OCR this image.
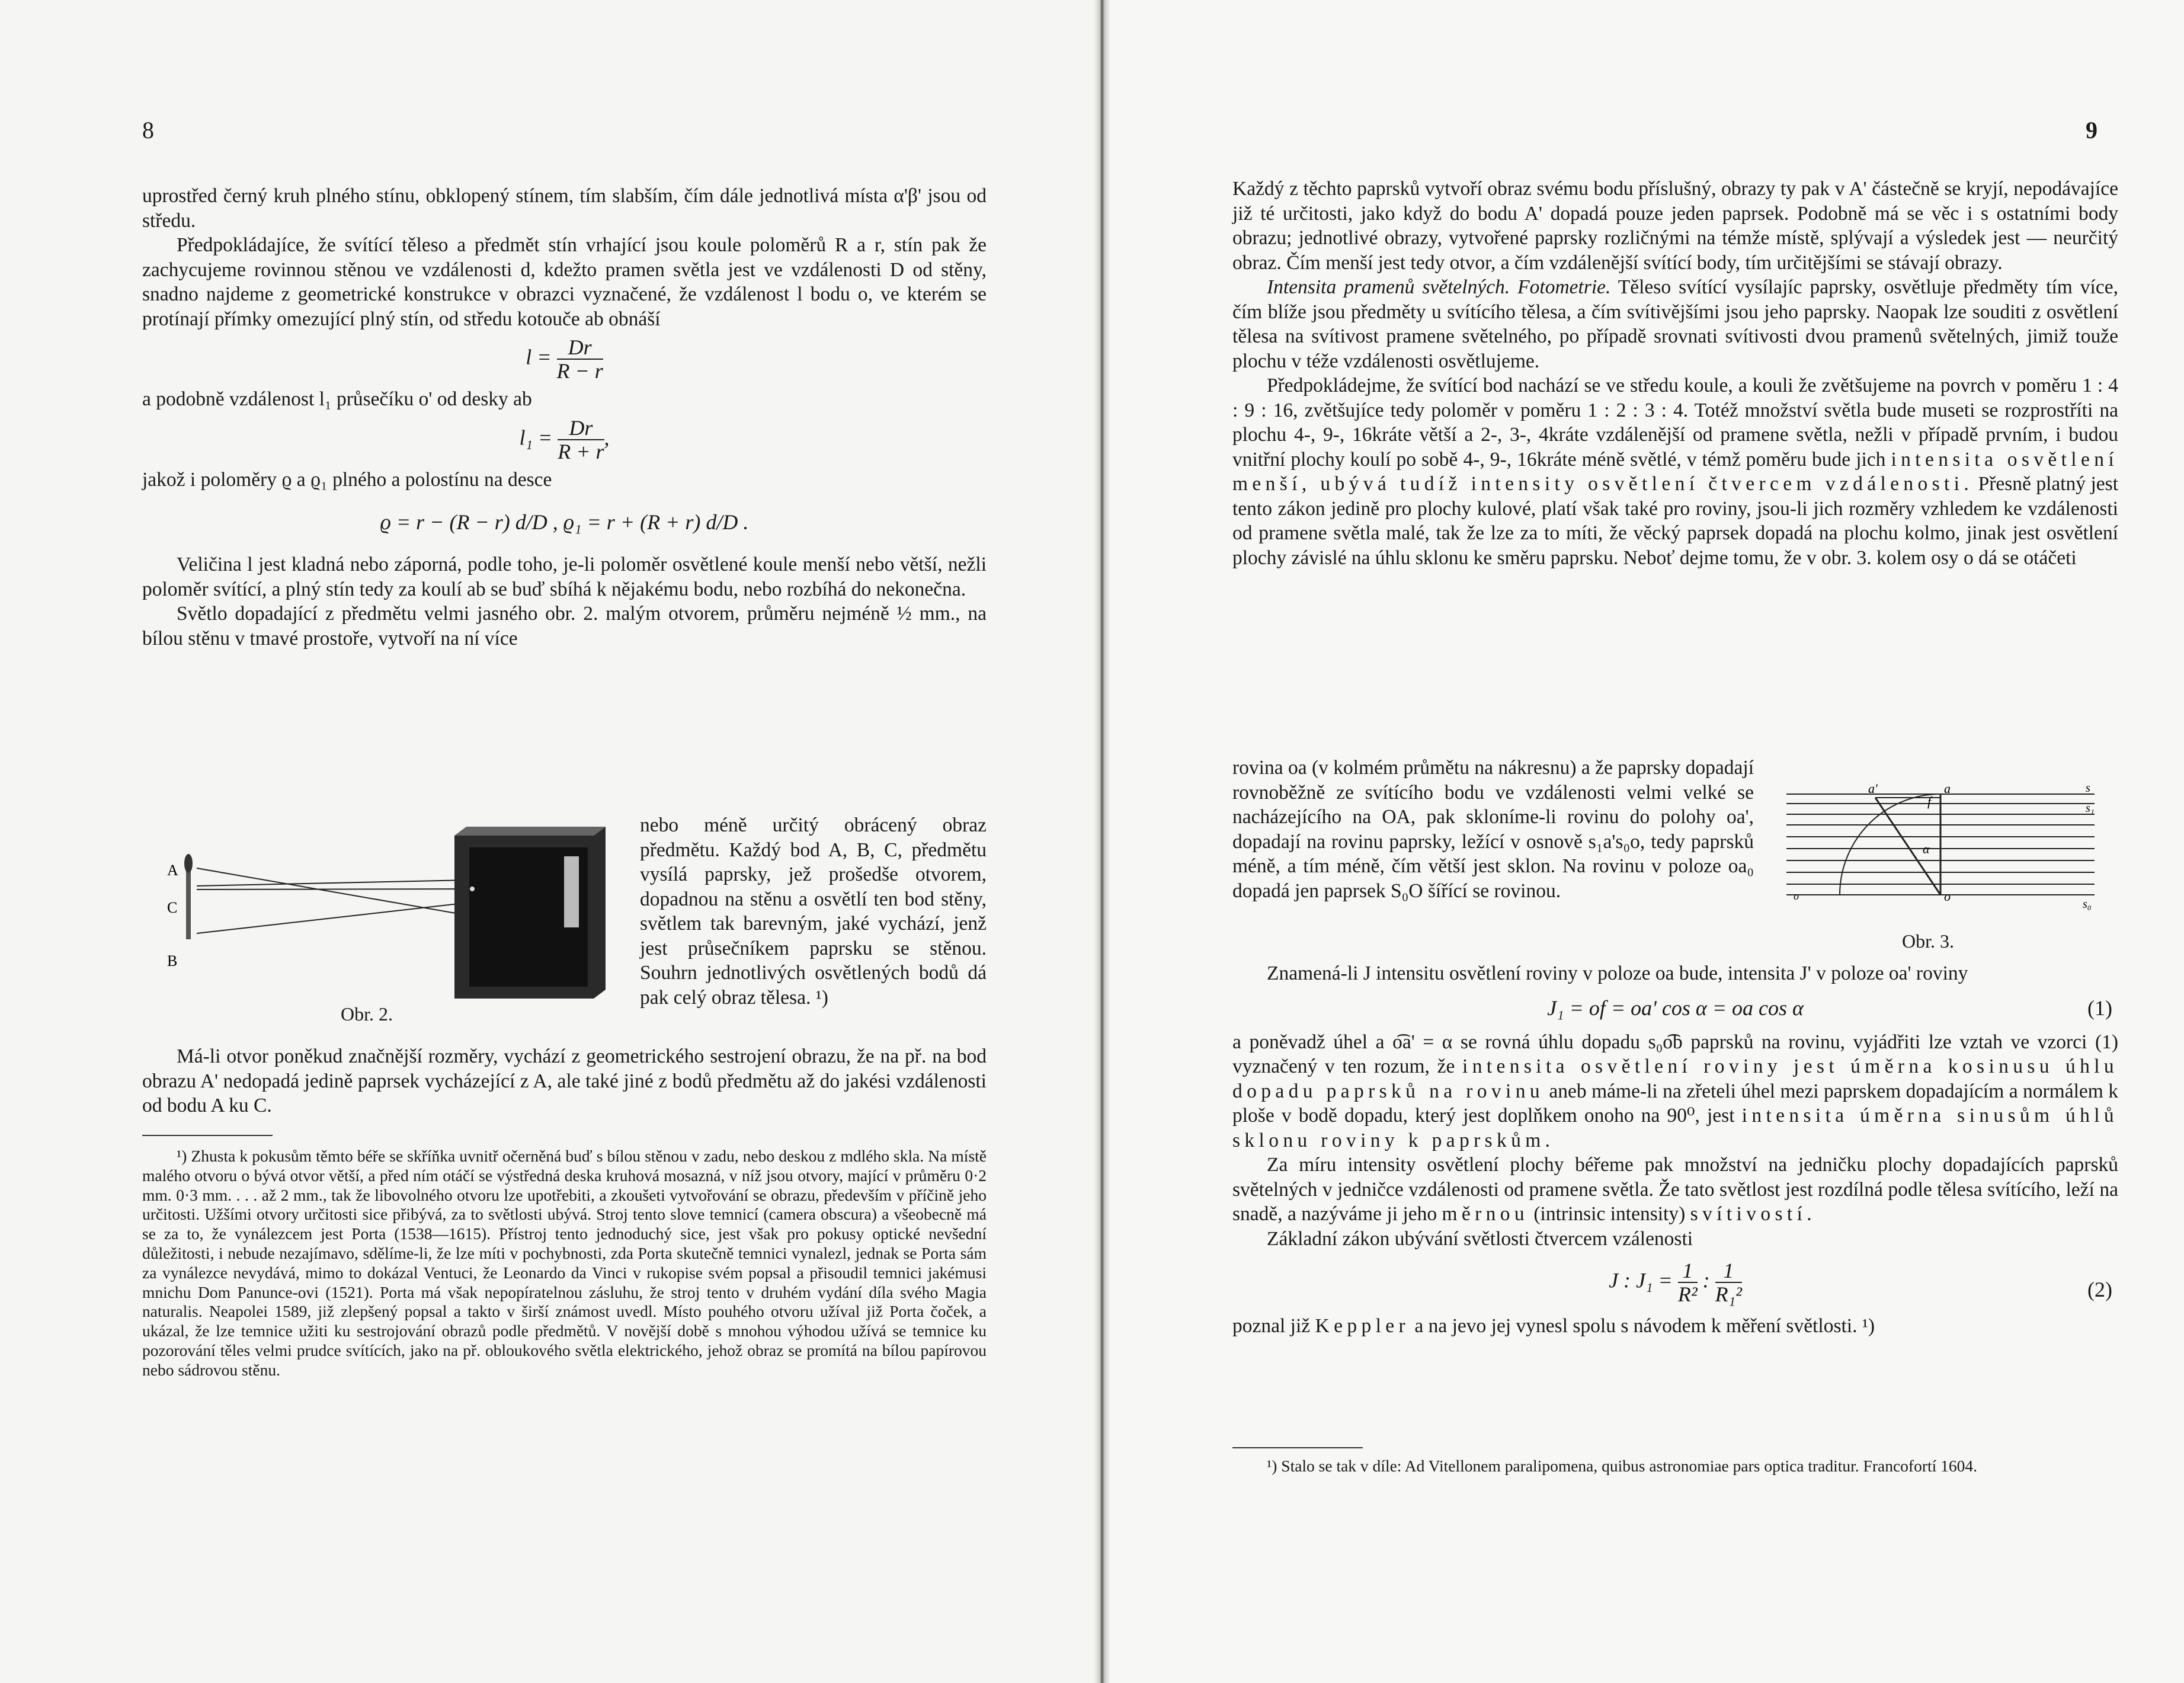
8

uprostřed černý kruh plného stínu, obklopený stínem, tím slabším, čím dále jednotlivá místa α'β' jsou od středu.

Předpokládajíce, že svítící těleso a předmět stín vrhající jsou koule poloměrů R a r, stín pak že zachycujeme rovinnou stěnou ve vzdálenosti d, kdežto pramen světla jest ve vzdálenosti D od stěny, snadno najdeme z geometrické konstrukce v obrazci vyznačené, že vzdálenost l bodu o, ve kterém se protínají přímky omezující plný stín, od středu kotouče ab obnáší

$l = \frac{Dr}{R - r}$

a podobně vzdálenost l₁ průsečíku o' od desky ab

$l_1 = \frac{Dr}{R + r}$ ,

jakož i poloměry ϱ a ϱ₁ plného a polostínu na desce

ϱ = r − (R − r) d/D , ϱ₁ = r + (R + r) d/D .

Veličina l jest kladná nebo záporná, podle toho, je-li poloměr osvětlené koule menší nebo větší, nežli poloměr svítící, a plný stín tedy za koulí ab se buď sbíhá k nějakému bodu, nebo rozbíhá do nekonečna.

Světlo dopadající z předmětu velmi jasného obr. 2. malým otvorem, průměru nejméně ½ mm., na bílou stěnu v tmavé prostoře, vytvoří na ní více

nebo méně určitý obrácený obraz předmětu. Každý bod A, B, C, předmětu vysílá paprsky, jež prošedše otvorem, dopadnou na stěnu a osvětlí ten bod stěny, světlem tak barevným, jaké vychází, jenž jest průsečníkem paprsku se stěnou. Souhrn jednotlivých osvětlených bodů dá pak celý obraz tělesa. ¹)

A
C
B
Obr. 2.

Má-li otvor poněkud značnější rozměry, vychází z geometrického sestrojení obrazu, že na př. na bod obrazu A' nedopadá jedině paprsek vycházející z A, ale také jiné z bodů předmětu až do jakési vzdálenosti od bodu A ku C.

¹) Zhusta k pokusům těmto béře se skříňka uvnitř očerněná buď s bílou stěnou v zadu, nebo deskou z mdlého skla. Na místě malého otvoru o bývá otvor větší, a před ním otáčí se výstředná deska kruhová mosazná, v níž jsou otvory, mající v průměru 0·2 mm. 0·3 mm. . . . až 2 mm., tak že libovolného otvoru lze upotřebiti, a zkoušeti vytvořování se obrazu, především v příčině jeho určitosti. Užšími otvory určitosti sice přibývá, za to světlosti ubývá. Stroj tento slove temnicí (camera obscura) a všeobecně má se za to, že vynálezcem jest Porta (1538—1615). Přístroj tento jednoduchý sice, jest však pro pokusy optické nevšední důležitosti, i nebude nezajímavo, sdělíme-li, že lze míti v pochybnosti, zda Porta skutečně temnici vynalezl, jednak se Porta sám za vynálezce nevydává, mimo to dokázal Ventuci, že Leonardo da Vinci v rukopise svém popsal a přisoudil temnici jakémusi mnichu Dom Panunce-ovi (1521). Porta má však nepopíratelnou zásluhu, že stroj tento v druhém vydání díla svého Magia naturalis. Neapolei 1589, již zlepšený popsal a takto v širší známost uvedl. Místo pouhého otvoru užíval již Porta čoček, a ukázal, že lze temnice užiti ku sestrojování obrazů podle předmětů. V novější době s mnohou výhodou užívá se temnice ku pozorování těles velmi prudce svítících, jako na př. obloukového světla elektrického, jehož obraz se promítá na bílou papírovou nebo sádrovou stěnu.

9

Každý z těchto paprsků vytvoří obraz svému bodu příslušný, obrazy ty pak v A' částečně se kryjí, nepodávajíce již té určitosti, jako když do bodu A' dopadá pouze jeden paprsek. Podobně má se věc i s ostatními body obrazu; jednotlivé obrazy, vytvořené paprsky rozličnými na témže místě, splývají a výsledek jest — neurčitý obraz. Čím menší jest tedy otvor, a čím vzdálenější svítící body, tím určitějšími se stávají obrazy.

Intensita pramenů světelných. Fotometrie. Těleso svítící vysílajíc paprsky, osvětluje předměty tím více, čím blíže jsou předměty u svítícího tělesa, a čím svítivějšími jsou jeho paprsky. Naopak lze souditi z osvětlení tělesa na svítivost pramene světelného, po případě srovnati svítivosti dvou pramenů světelných, jimiž touže plochu v téže vzdálenosti osvětlujeme.

Předpokládejme, že svítící bod nachází se ve středu koule, a kouli že zvětšujeme na povrch v poměru 1 : 4 : 9 : 16, zvětšujíce tedy poloměr v poměru 1 : 2 : 3 : 4. Totéž množství světla bude museti se rozprostříti na plochu 4-, 9-, 16kráte větší a 2-, 3-, 4kráte vzdálenější od pramene světla, nežli v případě prvním, i budou vnitřní plochy koulí po sobě 4-, 9-, 16kráte méně světlé, v témž poměru bude jich intensita osvětlení menší, ubývá tudíž intensity osvětlení čtvercem vzdálenosti. Přesně platný jest tento zákon jedině pro plochy kulové, platí však také pro roviny, jsou-li jich rozměry vzhledem ke vzdálenosti od pramene světla malé, tak že lze za to míti, že věcký paprsek dopadá na plochu kolmo, jinak jest osvětlení plochy závislé na úhlu sklonu ke směru paprsku. Neboť dejme tomu, že v obr. 3. kolem osy o dá se otáčeti

rovina oa (v kolmém průmětu na nákresnu) a že paprsky dopadají rovnoběžně ze svítícího bodu ve vzdálenosti velmi velké se nacházejícího na OA, pak skloníme-li rovinu do polohy oa', dopadají na rovinu paprsky, ležící v osnově s₁a's₀o, tedy paprsků méně, a tím méně, čím větší jest sklon. Na rovinu v poloze oa₀ dopadá jen paprsek S₀O šířící se rovinou.

a'
f
a	s
s₁
α
o
o
s₀
Obr. 3.

Znamená-li J intensitu osvětlení roviny v poloze oa bude, intensita J' v poloze oa' roviny

J₁ = of = oa' cos α = oa cos α	(1)

a poněvadž úhel a o͡a' = α se rovná úhlu dopadu s₀o͡b paprsků na rovinu, vyjádřiti lze vztah ve vzorci (1) vyznačený v ten rozum, že intensita osvětlení roviny jest úměrna kosinusu úhlu dopadu paprsků na rovinu aneb máme-li na zřeteli úhel mezi paprskem dopadajícím a normálem k ploše v bodě dopadu, který jest doplňkem onoho na 90⁰, jest intensita úměrna sinusům úhlů sklonu roviny k paprskům.

Za míru intensity osvětlení plochy béřeme pak množství na jedničku plochy dopadajících paprsků světelných v jedničce vzdálenosti od pramene světla. Že tato světlost jest rozdílná podle tělesa svítícího, leží na snadě, a nazýváme ji jeho měrnou (intrinsic intensity) svítivostí.

Základní zákon ubývání světlosti čtvercem vzálenosti

J : $J_1 = \frac{1}{\text{R²}}$ : $\frac{1}{\text{R₁²}}$	(2)

poznal již Keppler a na jevo jej vynesl spolu s návodem k měření světlosti. ¹)

¹) Stalo se tak v díle: Ad Vitellonem paralipomena, quibus astronomiae pars optica traditur. Francofortí 1604.
